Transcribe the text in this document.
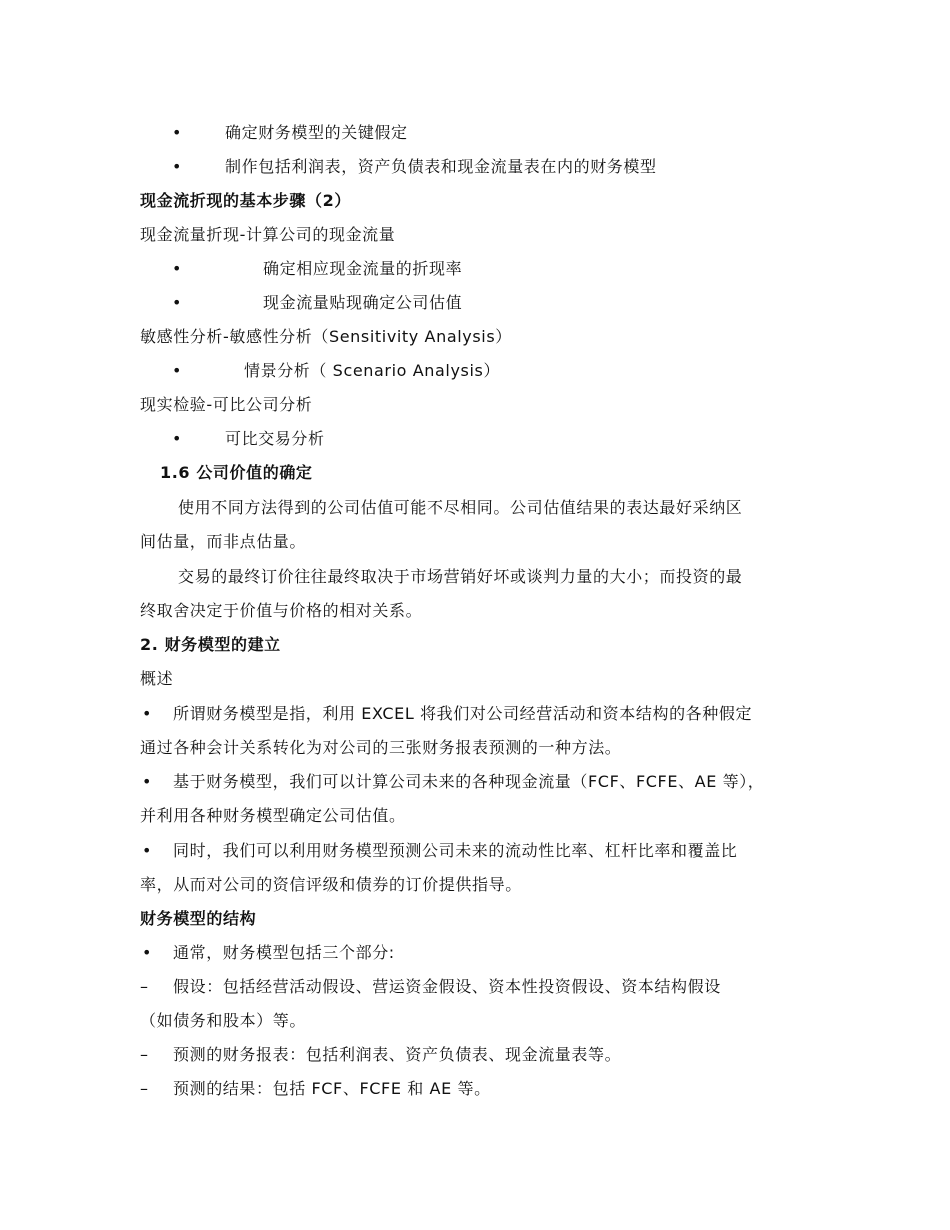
•	确定财务模型的关键假定
•	制作包括利润表，资产负债表和现金流量表在内的财务模型
现金流折现的基本步骤（2）
现金流量折现-计算公司的现金流量
•	确定相应现金流量的折现率
•	现金流量贴现确定公司估值
敏感性分析-敏感性分析（Sensitivity Analysis）
•	情景分析（ Scenario Analysis）
现实检验-可比公司分析
•	可比交易分析
1.6 公司价值的确定
使用不同方法得到的公司估值可能不尽相同。公司估值结果的表达最好采纳区
间估量，而非点估量。
交易的最终订价往往最终取决于市场营销好坏或谈判力量的大小；而投资的最
终取舍决定于价值与价格的相对关系。
2. 财务模型的建立
概述
• 所谓财务模型是指，利用 EXCEL 将我们对公司经营活动和资本结构的各种假定
通过各种会计关系转化为对公司的三张财务报表预测的一种方法。
• 基于财务模型，我们可以计算公司未来的各种现金流量（FCF、FCFE、AE 等），
并利用各种财务模型确定公司估值。
• 同时，我们可以利用财务模型预测公司未来的流动性比率、杠杆比率和覆盖比
率，从而对公司的资信评级和债券的订价提供指导。
财务模型的结构
• 通常，财务模型包括三个部分:
– 假设：包括经营活动假设、营运资金假设、资本性投资假设、资本结构假设
（如债务和股本）等。
– 预测的财务报表：包括利润表、资产负债表、现金流量表等。
– 预测的结果：包括 FCF、FCFE 和 AE 等。
